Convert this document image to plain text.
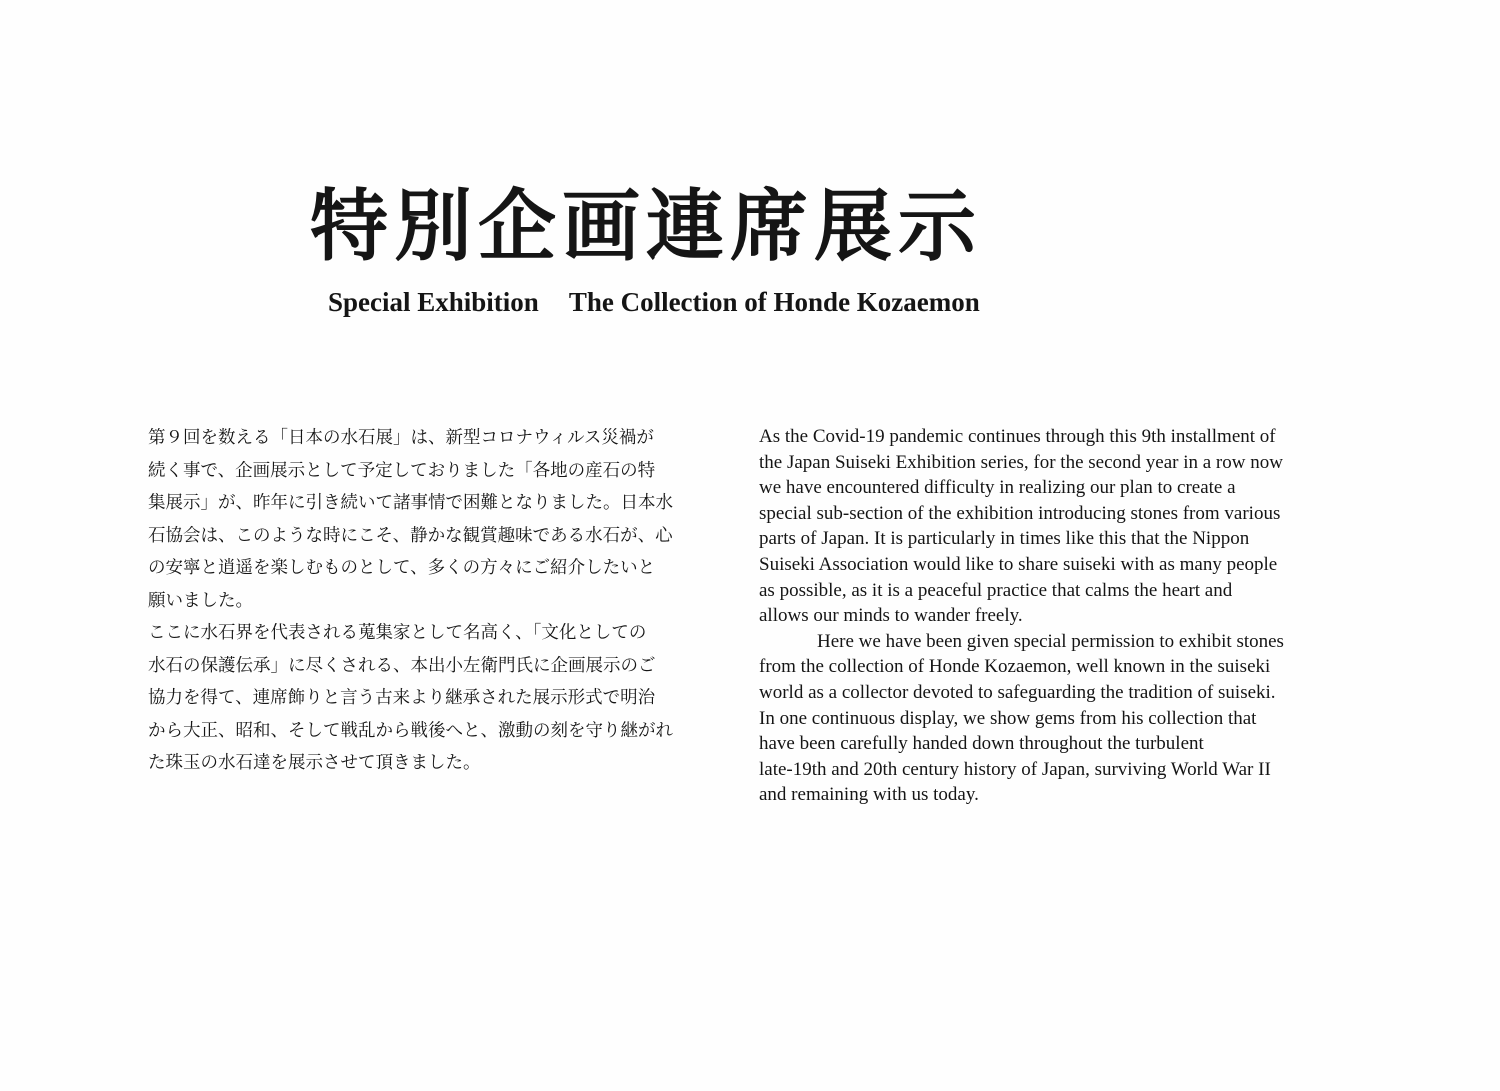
特別企画連席展示
Special Exhibition The Collection of Honde Kozaemon
第９回を数える「日本の水石展」は、新型コロナウィルス災禍が
続く事で、企画展示として予定しておりました「各地の産石の特
集展示」が、昨年に引き続いて諸事情で困難となりました。日本水
石協会は、このような時にこそ、静かな観賞趣味である水石が、心
の安寧と逍遥を楽しむものとして、多くの方々にご紹介したいと
願いました。
ここに水石界を代表される蒐集家として名高く、「文化としての
水石の保護伝承」に尽くされる、本出小左衛門氏に企画展示のご
協力を得て、連席飾りと言う古来より継承された展示形式で明治
から大正、昭和、そして戦乱から戦後へと、激動の刻を守り継がれ
た珠玉の水石達を展示させて頂きました。
As the Covid-19 pandemic continues through this 9th installment of
the Japan Suiseki Exhibition series, for the second year in a row now
we have encountered difficulty in realizing our plan to create a
special sub-section of the exhibition introducing stones from various
parts of Japan. It is particularly in times like this that the Nippon
Suiseki Association would like to share suiseki with as many people
as possible, as it is a peaceful practice that calms the heart and
allows our minds to wander freely.
Here we have been given special permission to exhibit stones
from the collection of Honde Kozaemon, well known in the suiseki
world as a collector devoted to safeguarding the tradition of suiseki.
In one continuous display, we show gems from his collection that
have been carefully handed down throughout the turbulent
late-19th and 20th century history of Japan, surviving World War II
and remaining with us today.
